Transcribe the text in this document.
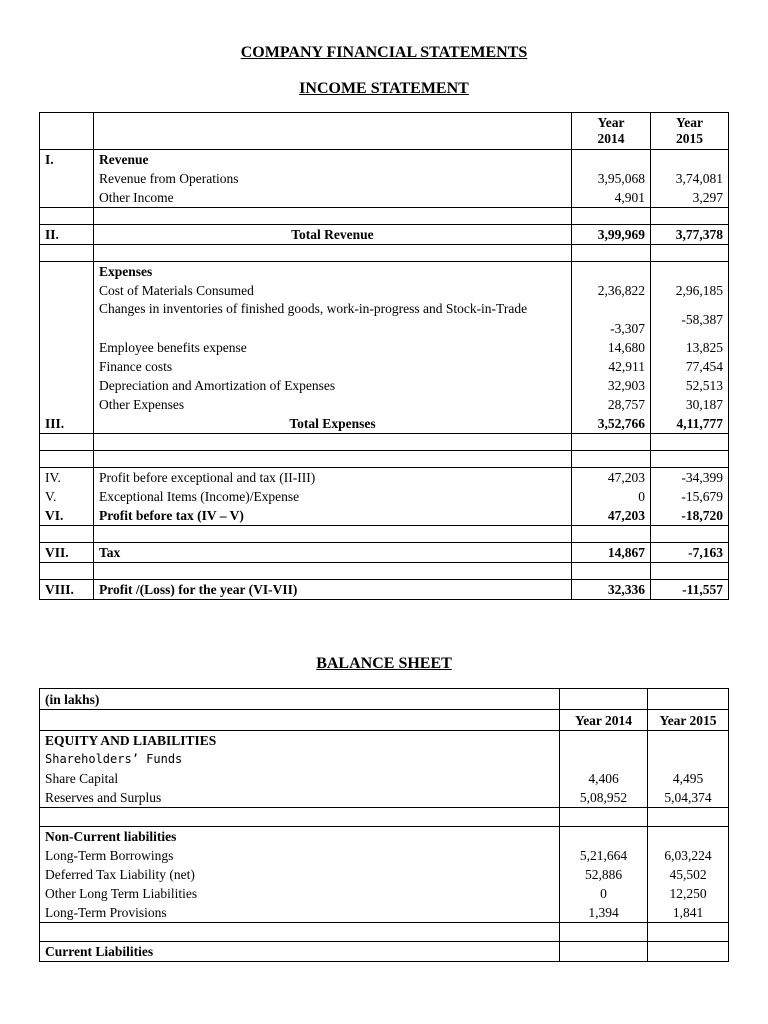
COMPANY FINANCIAL STATEMENTS
INCOME STATEMENT
		Year 2014	Year 2015
I.	Revenue		
	Revenue from Operations	3,95,068	3,74,081
	Other Income	4,901	3,297

II.	Total Revenue	3,99,969	3,77,378

	Expenses		
	Cost of Materials Consumed	2,36,822	2,96,185
	Changes in inventories of finished goods, work-in-progress and Stock-in-Trade	-3,307	-58,387
	Employee benefits expense	14,680	13,825
	Finance costs	42,911	77,454
	Depreciation and Amortization of Expenses	32,903	52,513
	Other Expenses	28,757	30,187
III.	Total Expenses	3,52,766	4,11,777

IV.	Profit before exceptional and tax (II-III)	47,203	-34,399
V.	Exceptional Items (Income)/Expense	0	-15,679
VI.	Profit before tax (IV – V)	47,203	-18,720

VII.	Tax	14,867	-7,163

VIII.	Profit /(Loss) for the year (VI-VII)	32,336	-11,557
BALANCE SHEET
(in lakhs)		
	Year 2014	Year 2015
EQUITY AND LIABILITIES		
Shareholders’ Funds		
Share Capital	4,406	4,495
Reserves and Surplus	5,08,952	5,04,374

Non-Current liabilities		
Long-Term Borrowings	5,21,664	6,03,224
Deferred Tax Liability (net)	52,886	45,502
Other Long Term Liabilities	0	12,250
Long-Term Provisions	1,394	1,841

Current Liabilities		
